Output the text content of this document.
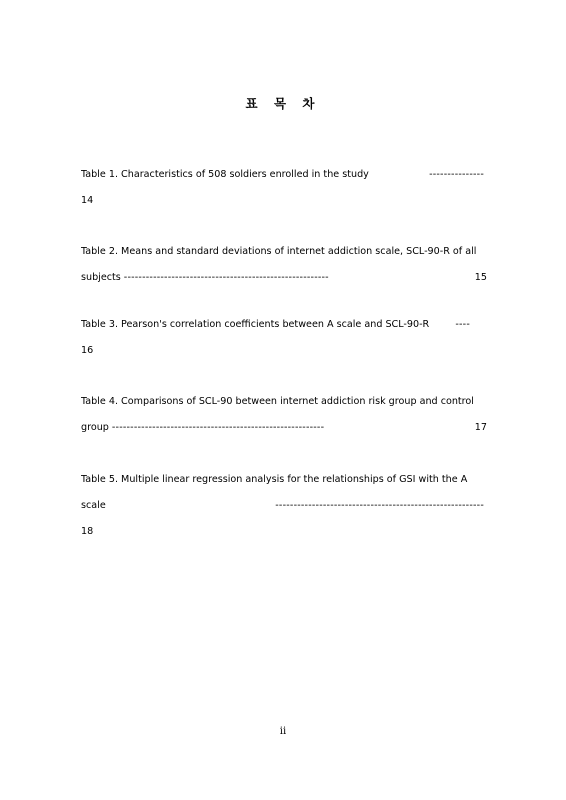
표 목 차
Table 1. Characteristics of 508 soldiers enrolled in the study	---------------
14
Table 2. Means and standard deviations of internet addiction scale, SCL-90-R of all
subjects --------------------------------------------------------	15
Table 3. Pearson's correlation coefficients between A scale and SCL-90-R	----
16
Table 4. Comparisons of SCL-90 between internet addiction risk group and control
group ----------------------------------------------------------	17
Table 5. Multiple linear regression analysis for the relationships of GSI with the A
scale	---------------------------------------------------------
18
ii
